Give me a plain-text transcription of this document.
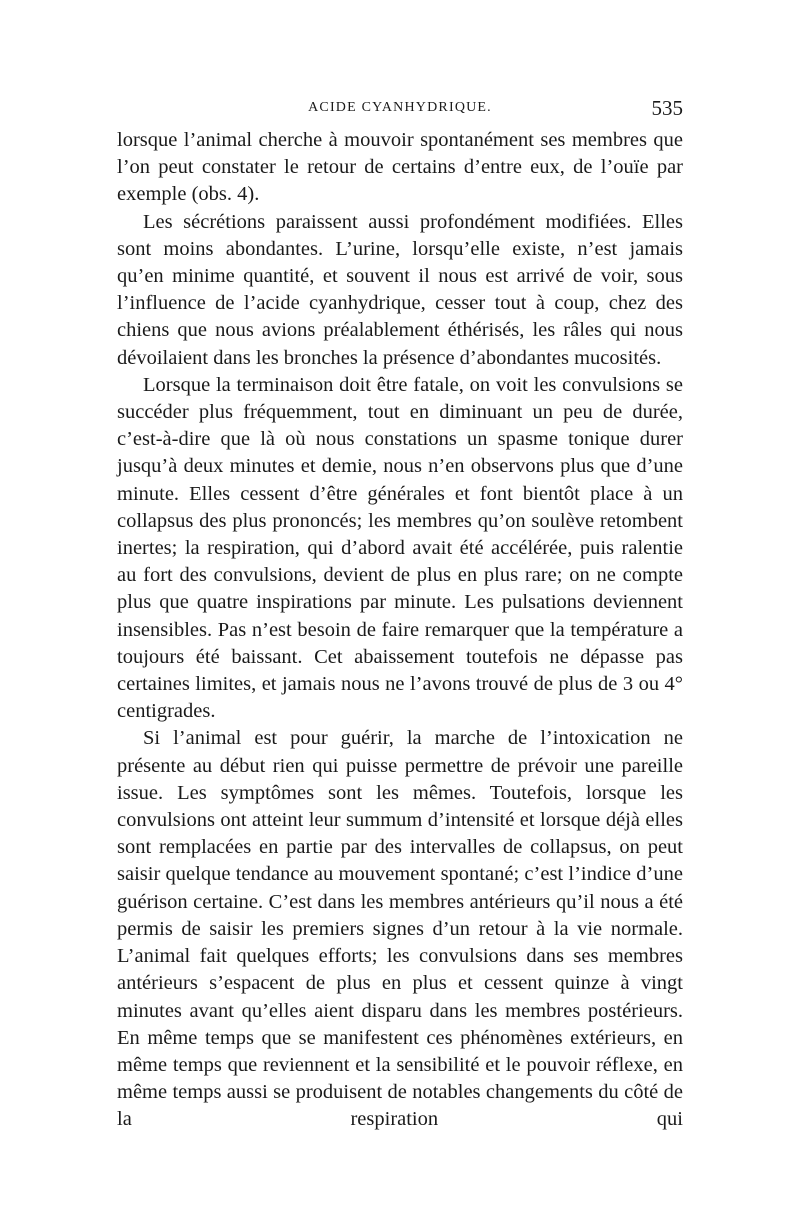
ACIDE CYANHYDRIQUE.	535

lorsque l’animal cherche à mouvoir spontanément ses membres que l’on peut constater le retour de certains d’entre eux, de l’ouïe par exemple (obs. 4).

Les sécrétions paraissent aussi profondément modifiées. Elles sont moins abondantes. L’urine, lorsqu’elle existe, n’est jamais qu’en minime quantité, et souvent il nous est arrivé de voir, sous l’influence de l’acide cyanhydrique, cesser tout à coup, chez des chiens que nous avions préalablement éthérisés, les râles qui nous dévoilaient dans les bronches la présence d’abondantes mucosités.

Lorsque la terminaison doit être fatale, on voit les convulsions se succéder plus fréquemment, tout en diminuant un peu de durée, c’est-à-dire que là où nous constations un spasme tonique durer jusqu’à deux minutes et demie, nous n’en observons plus que d’une minute. Elles cessent d’être générales et font bientôt place à un collapsus des plus prononcés; les membres qu’on soulève retombent inertes; la respiration, qui d’abord avait été accélérée, puis ralentie au fort des convulsions, devient de plus en plus rare; on ne compte plus que quatre inspirations par minute. Les pulsations deviennent insensibles. Pas n’est besoin de faire remarquer que la température a toujours été baissant. Cet abaissement toutefois ne dépasse pas certaines limites, et jamais nous ne l’avons trouvé de plus de 3 ou 4° centigrades.

Si l’animal est pour guérir, la marche de l’intoxication ne présente au début rien qui puisse permettre de prévoir une pareille issue. Les symptômes sont les mêmes. Toutefois, lorsque les convulsions ont atteint leur summum d’intensité et lorsque déjà elles sont remplacées en partie par des intervalles de collapsus, on peut saisir quelque tendance au mouvement spontané; c’est l’indice d’une guérison certaine. C’est dans les membres antérieurs qu’il nous a été permis de saisir les premiers signes d’un retour à la vie normale. L’animal fait quelques efforts; les convulsions dans ses membres antérieurs s’espacent de plus en plus et cessent quinze à vingt minutes avant qu’elles aient disparu dans les membres postérieurs. En même temps que se manifestent ces phénomènes extérieurs, en même temps que reviennent et la sensibilité et le pouvoir réflexe, en même temps aussi se produisent de notables changements du côté de la respiration qui
